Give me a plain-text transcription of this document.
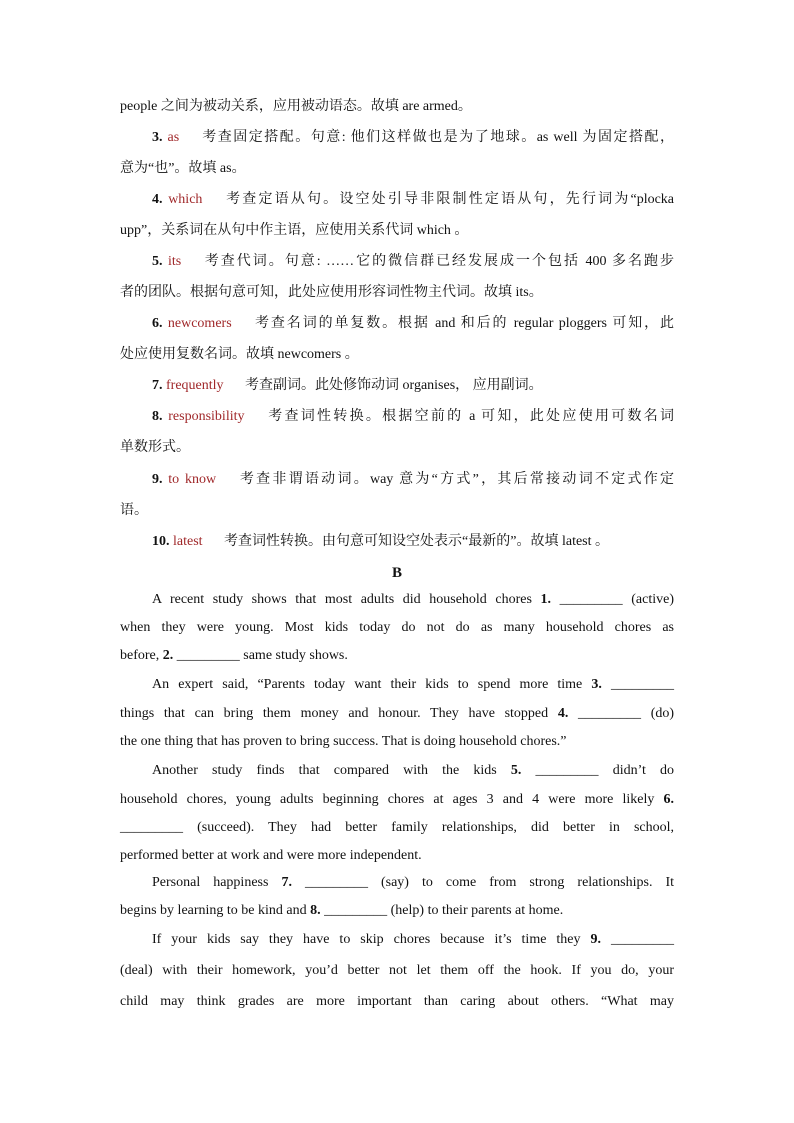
people 之间为被动关系，应用被动语态。故填 are armed。
3. as 考查固定搭配。句意: 他们这样做也是为了地球。as well 为固定搭配，
意为“也”。故填 as。
4. which 考查定语从句。设空处引导非限制性定语从句，先行词为“plocka
upp”，关系词在从句中作主语，应使用关系代词 which 。
5. its 考查代词。句意: ……它的微信群已经发展成一个包括 400 多名跑步
者的团队。根据句意可知，此处应使用形容词性物主代词。故填 its。
6. newcomers 考查名词的单复数。根据 and 和后的 regular ploggers 可知，此
处应使用复数名词。故填 newcomers 。
7. frequently 考查副词。此处修饰动词 organises， 应用副词。
8. responsibility 考查词性转换。根据空前的 a 可知，此处应使用可数名词
单数形式。
9. to know 考查非谓语动词。way 意为“方式”，其后常接动词不定式作定
语。
10. latest 考查词性转换。由句意可知设空处表示“最新的”。故填 latest 。
B
A recent study shows that most adults did household chores 1. _________ (active)
when they were young. Most kids today do not do as many household chores as
before, 2. _________ same study shows.
An expert said, “Parents today want their kids to spend more time 3. _________
things that can bring them money and honour. They have stopped 4. _________ (do)
the one thing that has proven to bring success. That is doing household chores.”
Another study finds that compared with the kids 5. _________ didn’t do
household chores, young adults beginning chores at ages 3 and 4 were more likely 6.
_________ (succeed). They had better family relationships, did better in school,
performed better at work and were more independent.
Personal happiness 7. _________ (say) to come from strong relationships. It
begins by learning to be kind and 8. _________ (help) to their parents at home.
If your kids say they have to skip chores because it’s time they 9. _________
(deal) with their homework, you’d better not let them off the hook. If you do, your
child may think grades are more important than caring about others. “What may
